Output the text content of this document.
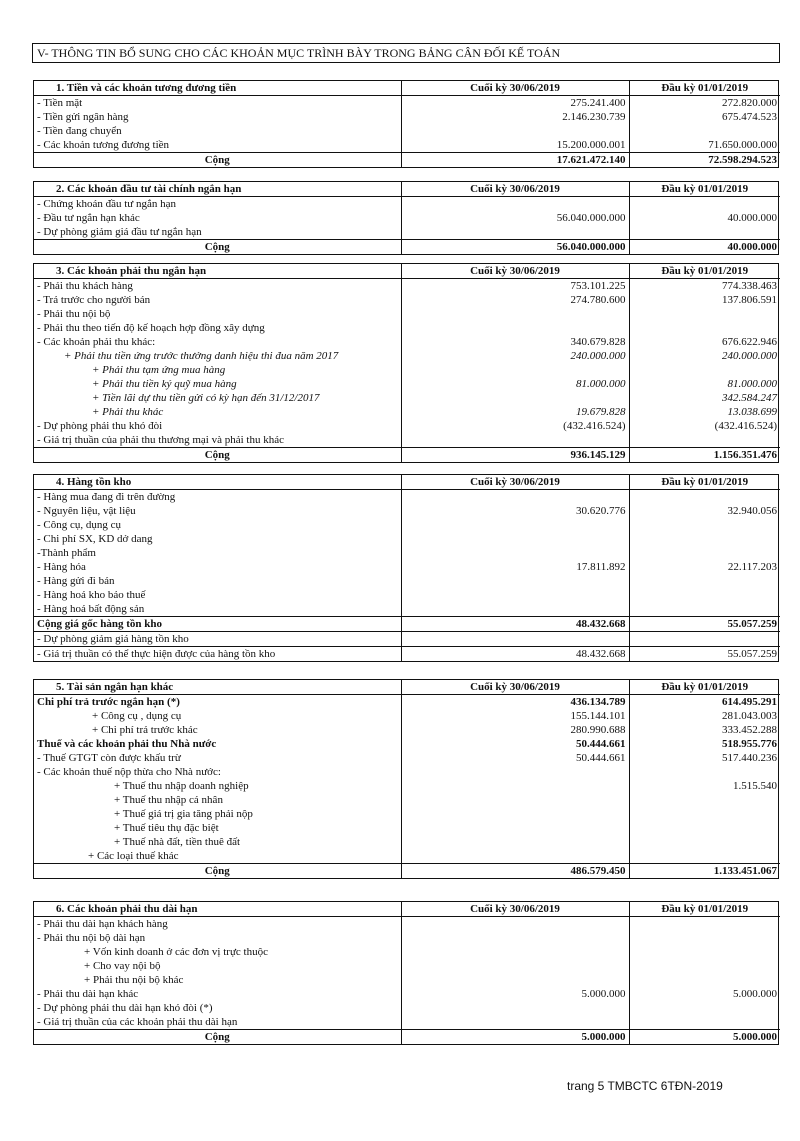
V- THÔNG TIN BỔ SUNG CHO CÁC KHOẢN MỤC TRÌNH BÀY TRONG BẢNG CÂN ĐỐI KẾ TOÁN
1. Tiền và các khoản tương đương tiền	Cuối kỳ 30/06/2019	Đầu kỳ 01/01/2019
- Tiền mặt	275.241.400	272.820.000
- Tiền gửi ngân hàng	2.146.230.739	675.474.523
- Tiền đang chuyển		
- Các khoản tương đương tiền	15.200.000.001	71.650.000.000
Cộng	17.621.472.140	72.598.294.523
2. Các khoản đầu tư tài chính ngắn hạn	Cuối kỳ 30/06/2019	Đầu kỳ 01/01/2019
- Chứng khoán đầu tư ngắn hạn		
- Đầu tư ngắn hạn khác	56.040.000.000	40.000.000
- Dự phòng giảm giá đầu tư ngắn hạn		
Cộng	56.040.000.000	40.000.000
3. Các khoản phải thu ngắn hạn	Cuối kỳ 30/06/2019	Đầu kỳ 01/01/2019
- Phải thu khách hàng	753.101.225	774.338.463
- Trả trước cho người bán	274.780.600	137.806.591
- Phải thu nội bộ		
- Phải thu theo tiến độ kế hoạch hợp đồng xây dựng		
- Các khoản phải thu khác:	340.679.828	676.622.946
+ Phải thu tiền ứng trước thưởng danh hiệu thi đua năm 2017	240.000.000	240.000.000
+ Phải thu tạm ứng mua hàng		
+ Phải thu tiền ký quỹ mua hàng	81.000.000	81.000.000
+ Tiền lãi dự thu tiền gửi có kỳ hạn đến 31/12/2017		342.584.247
+ Phải thu khác	19.679.828	13.038.699
- Dự phòng phải thu khó đòi	(432.416.524)	(432.416.524)
- Giá trị thuần của phải thu thương mại và phải thu khác		
Cộng	936.145.129	1.156.351.476
4. Hàng tồn kho	Cuối kỳ 30/06/2019	Đầu kỳ 01/01/2019
- Hàng mua đang đi trên đường		
- Nguyên liệu, vật liệu	30.620.776	32.940.056
- Công cụ, dụng cụ		
- Chi phí SX, KD dở dang		
-Thành phẩm		
- Hàng hóa	17.811.892	22.117.203
- Hàng gửi đi bán		
- Hàng hoá kho bảo thuế		
- Hàng hoá bất động sản		
Cộng giá gốc hàng tồn kho	48.432.668	55.057.259
- Dự phòng giảm giá hàng tồn kho		
- Giá trị thuần có thể thực hiện được của hàng tồn kho	48.432.668	55.057.259
5. Tài sản ngắn hạn khác	Cuối kỳ 30/06/2019	Đầu kỳ 01/01/2019
Chi phí trả trước ngắn hạn (*)	436.134.789	614.495.291
+ Công cụ , dụng cụ	155.144.101	281.043.003
+ Chi phí trả trước khác	280.990.688	333.452.288
Thuế và các khoản phải thu Nhà nước	50.444.661	518.955.776
- Thuế GTGT còn được khấu trừ	50.444.661	517.440.236
- Các khoản thuế nộp thừa cho Nhà nước:		
+ Thuế thu nhập doanh nghiệp		1.515.540
+ Thuế thu nhập cá nhân		
+ Thuế giá trị gia tăng phải nộp		
+ Thuế tiêu thụ đặc biệt		
+ Thuế nhà đất, tiền thuê đất		
+ Các loại thuế khác		
Cộng	486.579.450	1.133.451.067
6. Các khoản phải thu dài hạn	Cuối kỳ 30/06/2019	Đầu kỳ 01/01/2019
- Phải thu dài hạn khách hàng		
- Phải thu nội bộ dài hạn		
+ Vốn kinh doanh ở các đơn vị trực thuộc		
+ Cho vay nội bộ		
+ Phải thu nội bộ khác		
- Phải thu dài hạn khác	5.000.000	5.000.000
- Dự phòng phải thu dài hạn khó đòi (*)		
- Giá trị thuần của các khoản phải thu dài hạn		
Cộng	5.000.000	5.000.000
trang 5 TMBCTC 6TĐN-2019
